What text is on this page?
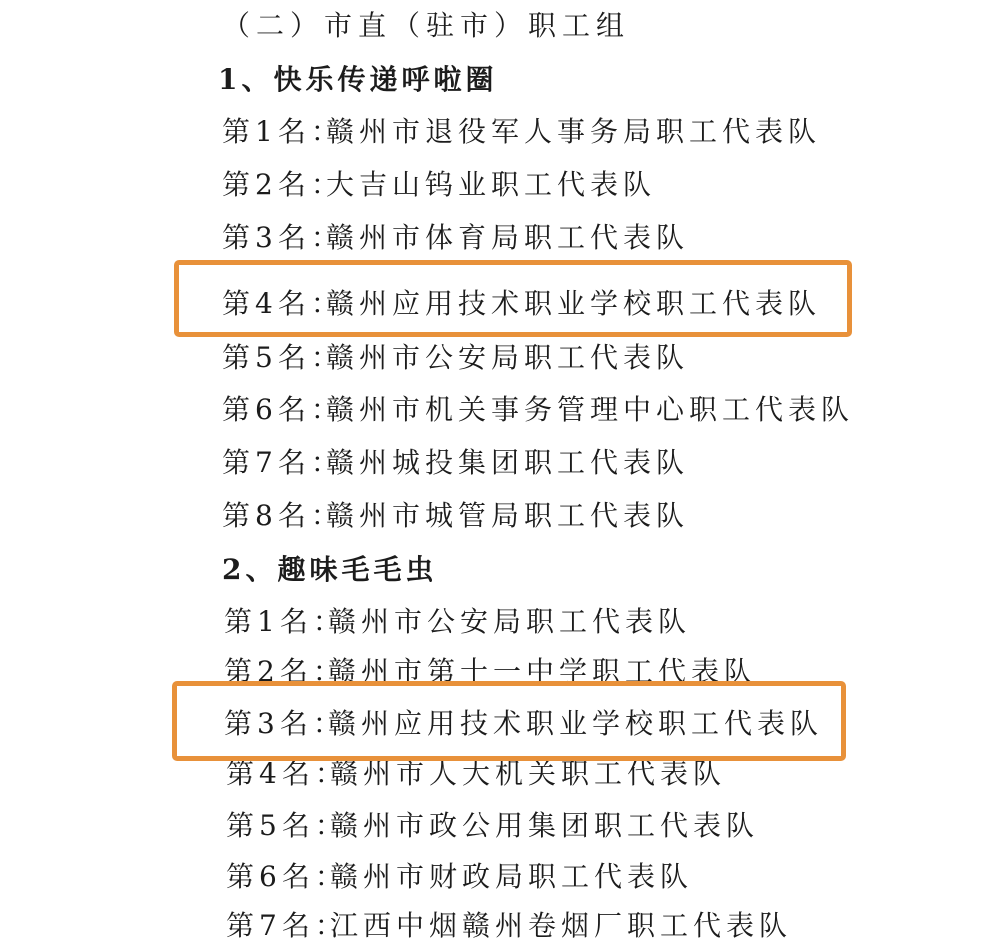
（二）市直（驻市）职工组
1、快乐传递呼啦圈
第1名：赣州市退役军人事务局职工代表队
第2名：大吉山钨业职工代表队
第3名：赣州市体育局职工代表队
第4名：赣州应用技术职业学校职工代表队
第5名：赣州市公安局职工代表队
第6名：赣州市机关事务管理中心职工代表队
第7名：赣州城投集团职工代表队
第8名：赣州市城管局职工代表队
2、趣味毛毛虫
第1名：赣州市公安局职工代表队
第2名：赣州市第十一中学职工代表队
第3名：赣州应用技术职业学校职工代表队
第4名：赣州市人大机关职工代表队
第5名：赣州市政公用集团职工代表队
第6名：赣州市财政局职工代表队
第7名：江西中烟赣州卷烟厂职工代表队
